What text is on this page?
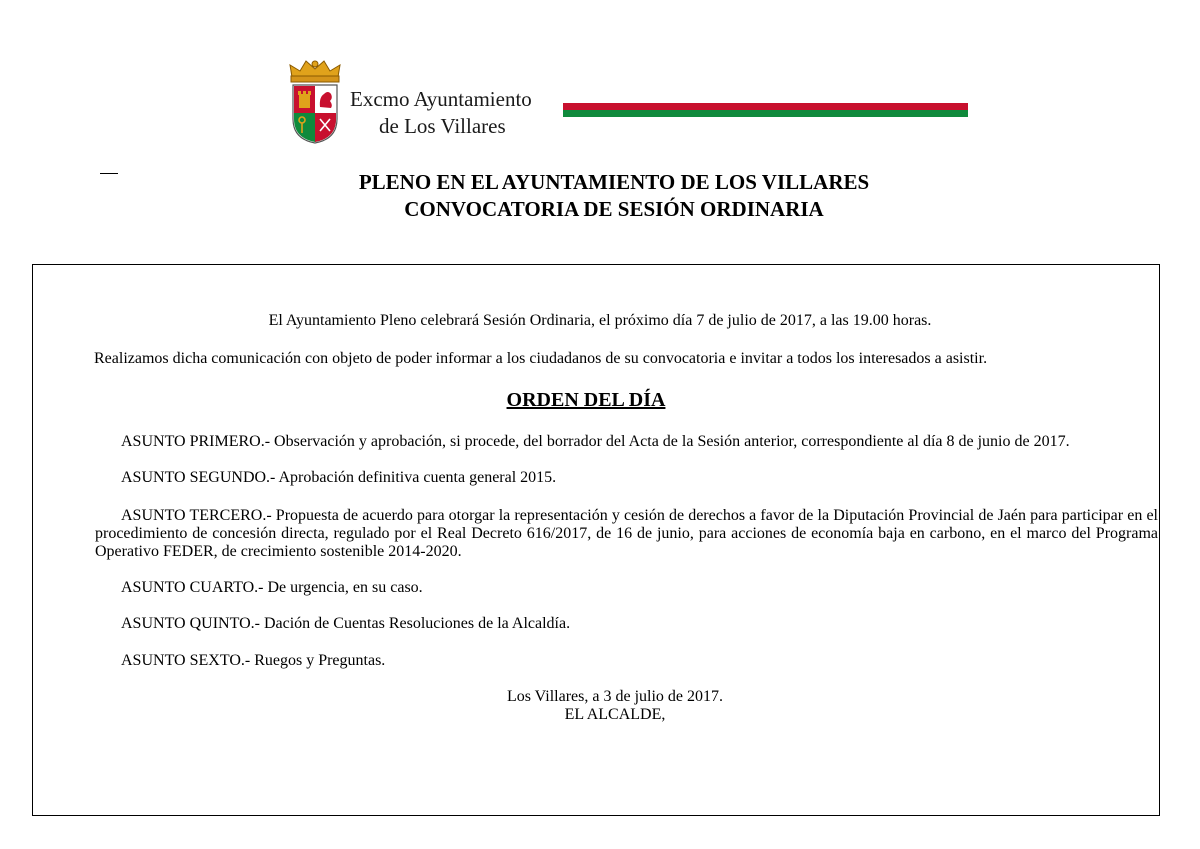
Excmo Ayuntamiento
de Los Villares
PLENO EN EL AYUNTAMIENTO DE LOS VILLARES
CONVOCATORIA DE SESIÓN ORDINARIA
El Ayuntamiento Pleno celebrará Sesión Ordinaria, el próximo día 7 de julio de 2017, a las 19.00 horas.
Realizamos dicha comunicación con objeto de poder informar a los ciudadanos de su convocatoria e invitar a todos los interesados a asistir.
ORDEN DEL DÍA
ASUNTO PRIMERO.- Observación y aprobación, si procede, del borrador del Acta de la Sesión anterior, correspondiente al día 8 de junio de 2017.
ASUNTO SEGUNDO.- Aprobación definitiva cuenta general 2015.
ASUNTO TERCERO.- Propuesta de acuerdo para otorgar la representación y cesión de derechos a favor de la Diputación Provincial de Jaén para participar en el procedimiento de concesión directa, regulado por el Real Decreto 616/2017, de 16 de junio, para acciones de economía baja en carbono, en el marco del Programa Operativo FEDER, de crecimiento sostenible 2014-2020.
ASUNTO CUARTO.- De urgencia, en su caso.
ASUNTO QUINTO.- Dación de Cuentas Resoluciones de la Alcaldía.
ASUNTO SEXTO.- Ruegos y Preguntas.
Los Villares, a 3 de julio de 2017.
EL ALCALDE,
